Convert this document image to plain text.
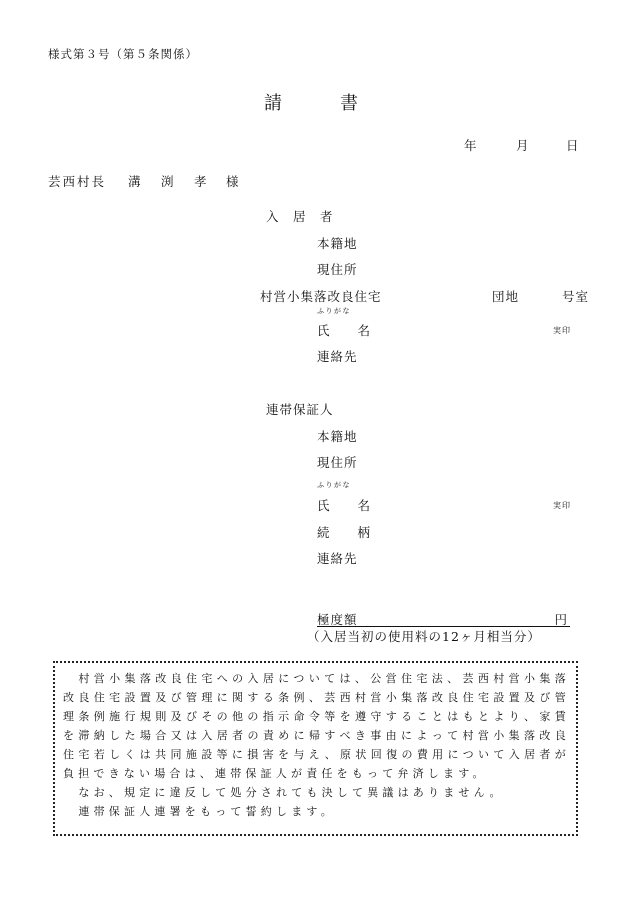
様式第３号（第５条関係）
請　　　書
年	月	日
芸西村長 溝　渕　孝 様
入　居　者
本籍地
現住所
村営小集落改良住宅	団地	号室
ふりがな
氏　　名	実印
連絡先
連帯保証人
本籍地
現住所
ふりがな
氏　　名	実印
続　　柄
連絡先
極度額	円
（入居当初の使用料の12ヶ月相当分）

村営小集落改良住宅への入居については、公営住宅法、芸西村営小集落改良住宅設置及び管理に関する条例、芸西村営小集落改良住宅設置及び管理条例施行規則及びその他の指示命令等を遵守することはもとより、家賃を滞納した場合又は入居者の責めに帰すべき事由によって村営小集落改良住宅若しくは共同施設等に損害を与え、原状回復の費用について入居者が負担できない場合は、連帯保証人が責任をもって弁済します。

なお、規定に違反して処分されても決して異議はありません。

連帯保証人連署をもって誓約します。
